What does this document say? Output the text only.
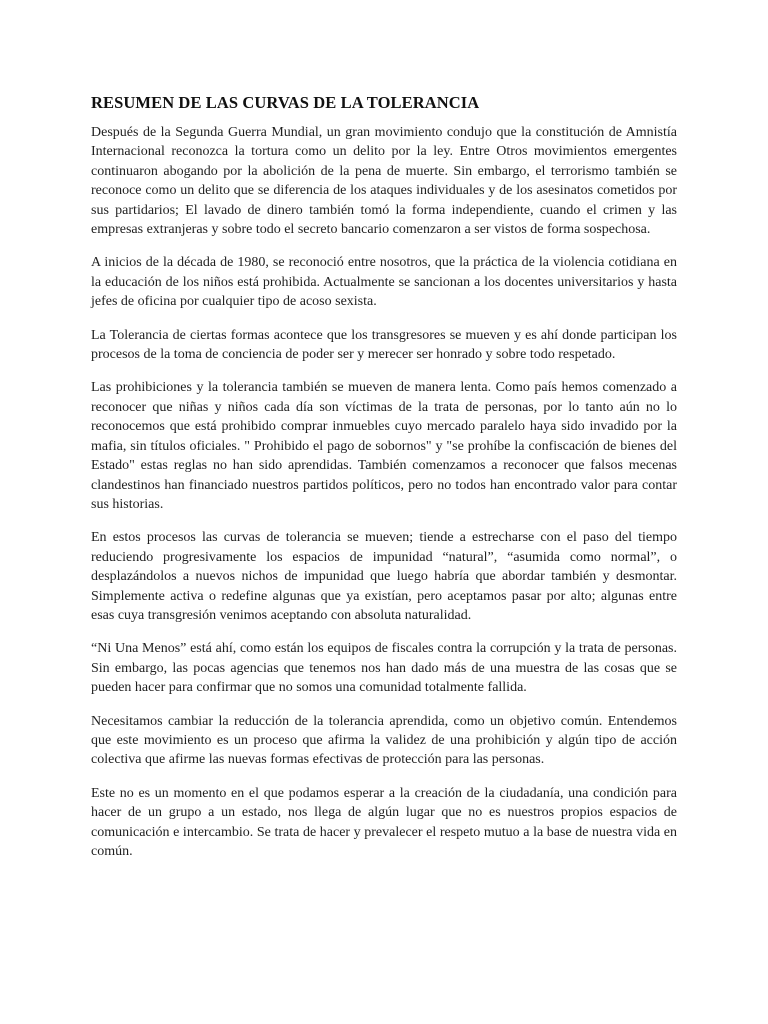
RESUMEN DE LAS CURVAS DE LA TOLERANCIA

Después de la Segunda Guerra Mundial, un gran movimiento condujo que la constitución de Amnistía Internacional reconozca la tortura como un delito por la ley. Entre Otros movimientos emergentes continuaron abogando por la abolición de la pena de muerte. Sin embargo, el terrorismo también se reconoce como un delito que se diferencia de los ataques individuales y de los asesinatos cometidos por sus partidarios; El lavado de dinero también tomó la forma independiente, cuando el crimen y las empresas extranjeras y sobre todo el secreto bancario comenzaron a ser vistos de forma sospechosa.

A inicios de la década de 1980, se reconoció entre nosotros, que la práctica de la violencia cotidiana en la educación de los niños está prohibida. Actualmente se sancionan a los docentes universitarios y hasta jefes de oficina por cualquier tipo de acoso sexista.

La Tolerancia de ciertas formas acontece que los transgresores se mueven y es ahí donde participan los procesos de la toma de conciencia de poder ser y merecer ser honrado y sobre todo respetado.

Las prohibiciones y la tolerancia también se mueven de manera lenta. Como país hemos comenzado a reconocer que niñas y niños cada día son víctimas de la trata de personas, por lo tanto aún no lo reconocemos que está prohibido comprar inmuebles cuyo mercado paralelo haya sido invadido por la mafia, sin títulos oficiales. " Prohibido el pago de sobornos" y "se prohíbe la confiscación de bienes del Estado" estas reglas no han sido aprendidas. También comenzamos a reconocer que falsos mecenas clandestinos han financiado nuestros partidos políticos, pero no todos han encontrado valor para contar sus historias.

En estos procesos las curvas de tolerancia se mueven; tiende a estrecharse con el paso del tiempo reduciendo progresivamente los espacios de impunidad “natural”, “asumida como normal”, o desplazándolos a nuevos nichos de impunidad que luego habría que abordar también y desmontar. Simplemente activa o redefine algunas que ya existían, pero aceptamos pasar por alto; algunas entre esas cuya transgresión venimos aceptando con absoluta naturalidad.

“Ni Una Menos” está ahí, como están los equipos de fiscales contra la corrupción y la trata de personas. Sin embargo, las pocas agencias que tenemos nos han dado más de una muestra de las cosas que se pueden hacer para confirmar que no somos una comunidad totalmente fallida.

Necesitamos cambiar la reducción de la tolerancia aprendida, como un objetivo común. Entendemos que este movimiento es un proceso que afirma la validez de una prohibición y algún tipo de acción colectiva que afirme las nuevas formas efectivas de protección para las personas.

Este no es un momento en el que podamos esperar a la creación de la ciudadanía, una condición para hacer de un grupo a un estado, nos llega de algún lugar que no es nuestros propios espacios de comunicación e intercambio. Se trata de hacer y prevalecer el respeto mutuo a la base de nuestra vida en común.
